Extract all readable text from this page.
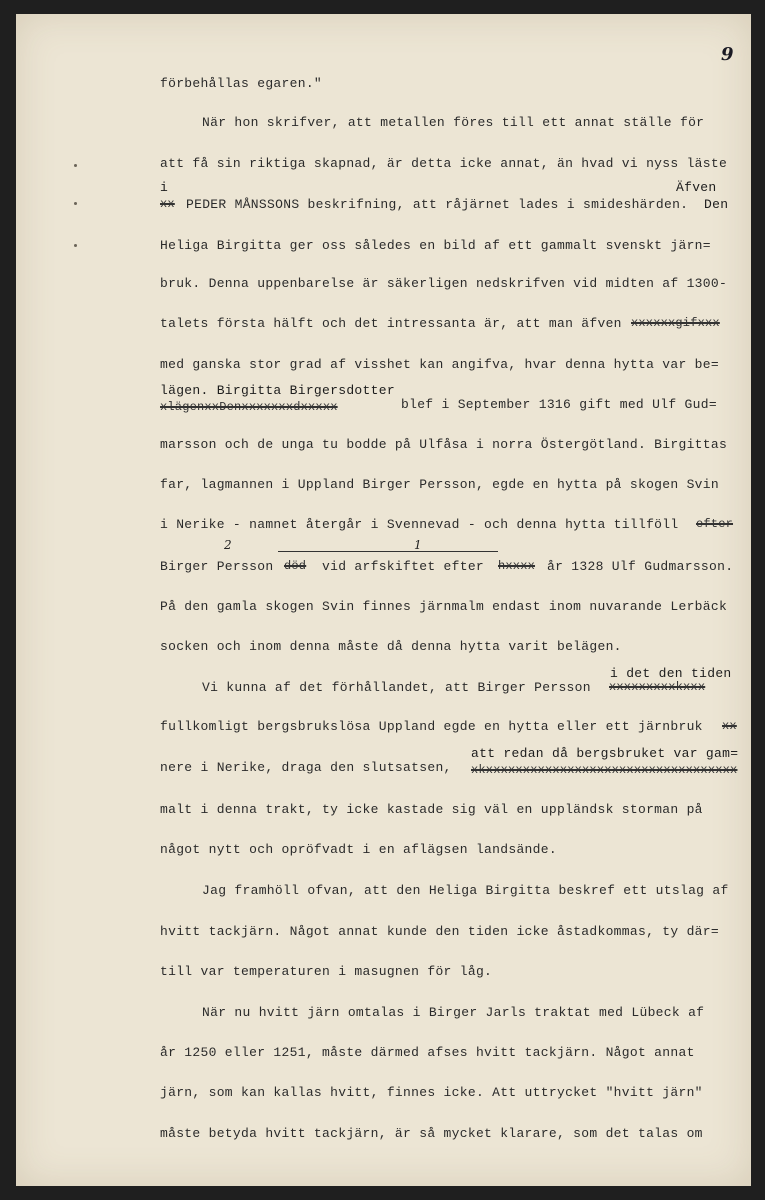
9
förbehållas egaren."
När hon skrifver, att metallen föres till ett annat ställe för
att få sin riktiga skapnad, är detta icke annat, än hvad vi nyss läste
i	Äfven
xx PEDER MÅNSSONS beskrifning, att råjärnet lades i smideshärden. Den
Heliga Birgitta ger oss således en bild af ett gammalt svenskt järn=
bruk. Denna uppenbarelse är säkerligen nedskrifven vid midten af 1300-
talets första hälft och det intressanta är, att man äfven xxxxxxgifxxx
med ganska stor grad af visshet kan angifva, hvar denna hytta var be=
lägen. Birgitta Birgersdotter
xlägenxxDenxxxxxxxdxxxxx	blef i September 1316 gift med Ulf Gud=
marsson och de unga tu bodde på Ulfåsa i norra Östergötland. Birgittas
far, lagmannen i Uppland Birger Persson, egde en hytta på skogen Svin
i Nerike - namnet återgår i Svennevad - och denna hytta tillföll efter
2	1
Birger Persson död vid arfskiftet efter hxxxx år 1328 Ulf Gudmarsson.
På den gamla skogen Svin finnes järnmalm endast inom nuvarande Lerbäck
socken och inom denna måste då denna hytta varit belägen.
i det den tiden
Vi kunna af det förhållandet, att Birger Persson xxxxxxxxxkxxx
fullkomligt bergsbrukslösa Uppland egde en hytta eller ett järnbruk xx
att redan då bergsbruket var gam=
nere i Nerike, draga den slutsatsen, xkxxxxxxxxxxxxxxxxxxxxxxxxxxxxxxxxxx
malt i denna trakt, ty icke kastade sig väl en uppländsk storman på
något nytt och opröfvadt i en aflägsen landsände.
Jag framhöll ofvan, att den Heliga Birgitta beskref ett utslag af
hvitt tackjärn. Något annat kunde den tiden icke åstadkommas, ty där=
till var temperaturen i masugnen för låg.
När nu hvitt järn omtalas i Birger Jarls traktat med Lübeck af
år 1250 eller 1251, måste därmed afses hvitt tackjärn. Något annat
järn, som kan kallas hvitt, finnes icke. Att uttrycket "hvitt järn"
måste betyda hvitt tackjärn, är så mycket klarare, som det talas om
